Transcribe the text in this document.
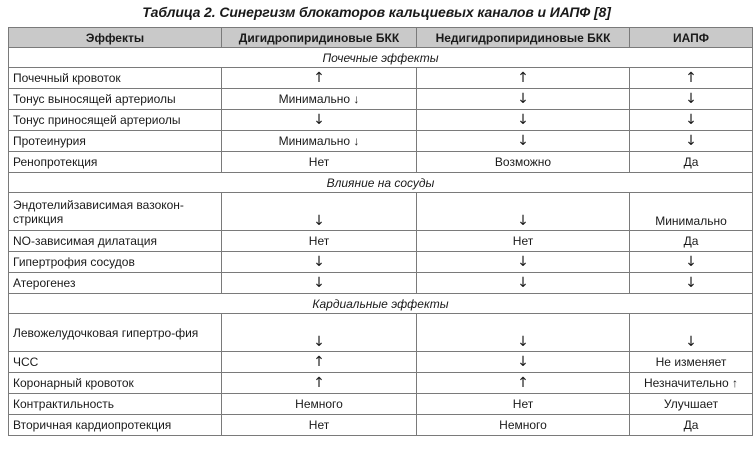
Таблица 2. Синергизм блокаторов кальциевых каналов и ИАПФ [8]
Эффекты	Дигидропиридиновые БКК	Недигидропиридиновые БКК	ИАПФ
Почечные эффекты			
Почечный кровоток	↑	↑	↑
Тонус выносящей артериолы	Минимально ↓	↓	↓
Тонус приносящей артериолы	↓	↓	↓
Протеинурия	Минимально ↓	↓	↓
Ренопротекция	Нет	Возможно	Да
Влияние на сосуды			
Эндотелийзависимая вазокон-стрикция	↓	↓	Минимально
NO-зависимая дилатация	Нет	Нет	Да
Гипертрофия сосудов	↓	↓	↓
Атерогенез	↓	↓	↓
Кардиальные эффекты			
Левожелудочковая гипертро-фия	↓	↓	↓
ЧСС	↑	↓	Не изменяет
Коронарный кровоток	↑	↑	Незначительно ↑
Контрактильность	Немного	Нет	Улучшает
Вторичная кардиопротекция	Нет	Немного	Да
